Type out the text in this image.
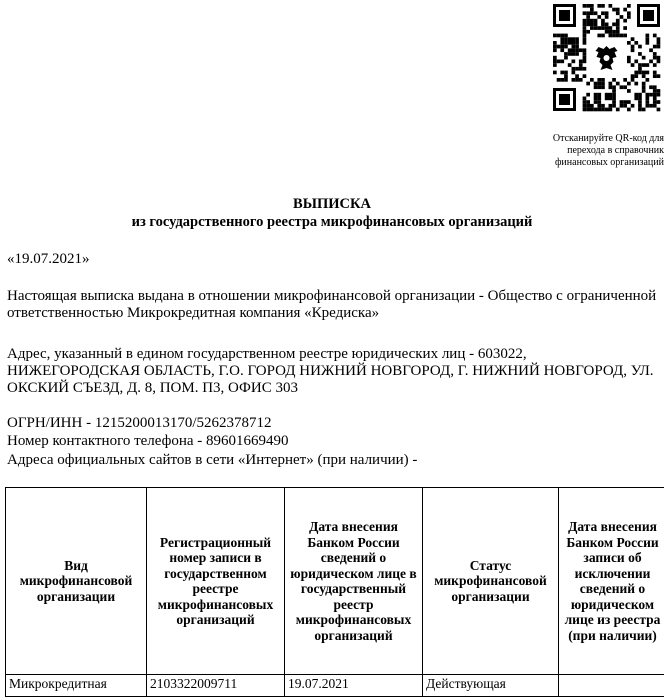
Отсканируйте QR-код для перехода в справочник финансовых организаций
ВЫПИСКА
из государственного реестра микрофинансовых организаций
«19.07.2021»
Настоящая выписка выдана в отношении микрофинансовой организации - Общество с ограниченной ответственностью Микрокредитная компания «Кредиска»
Адрес, указанный в едином государственном реестре юридических лиц - 603022, НИЖЕГОРОДСКАЯ ОБЛАСТЬ, Г.О. ГОРОД НИЖНИЙ НОВГОРОД, Г. НИЖНИЙ НОВГОРОД, УЛ. ОКСКИЙ СЪЕЗД, Д. 8, ПОМ. П3, ОФИС 303
ОГРН/ИНН - 1215200013170/5262378712
Номер контактного телефона - 89601669490
Адреса официальных сайтов в сети «Интернет» (при наличии) -
Вид микрофинансовой организации	Регистрационный номер записи в государственном реестре микрофинансовых организаций	Дата внесения Банком России сведений о юридическом лице в государственный реестр микрофинансовых организаций	Статус микрофинансовой организации	Дата внесения Банком России записи об исключении сведений о юридическом лице из реестра (при наличии)
Микрокредитная	2103322009711	19.07.2021	Действующая	
